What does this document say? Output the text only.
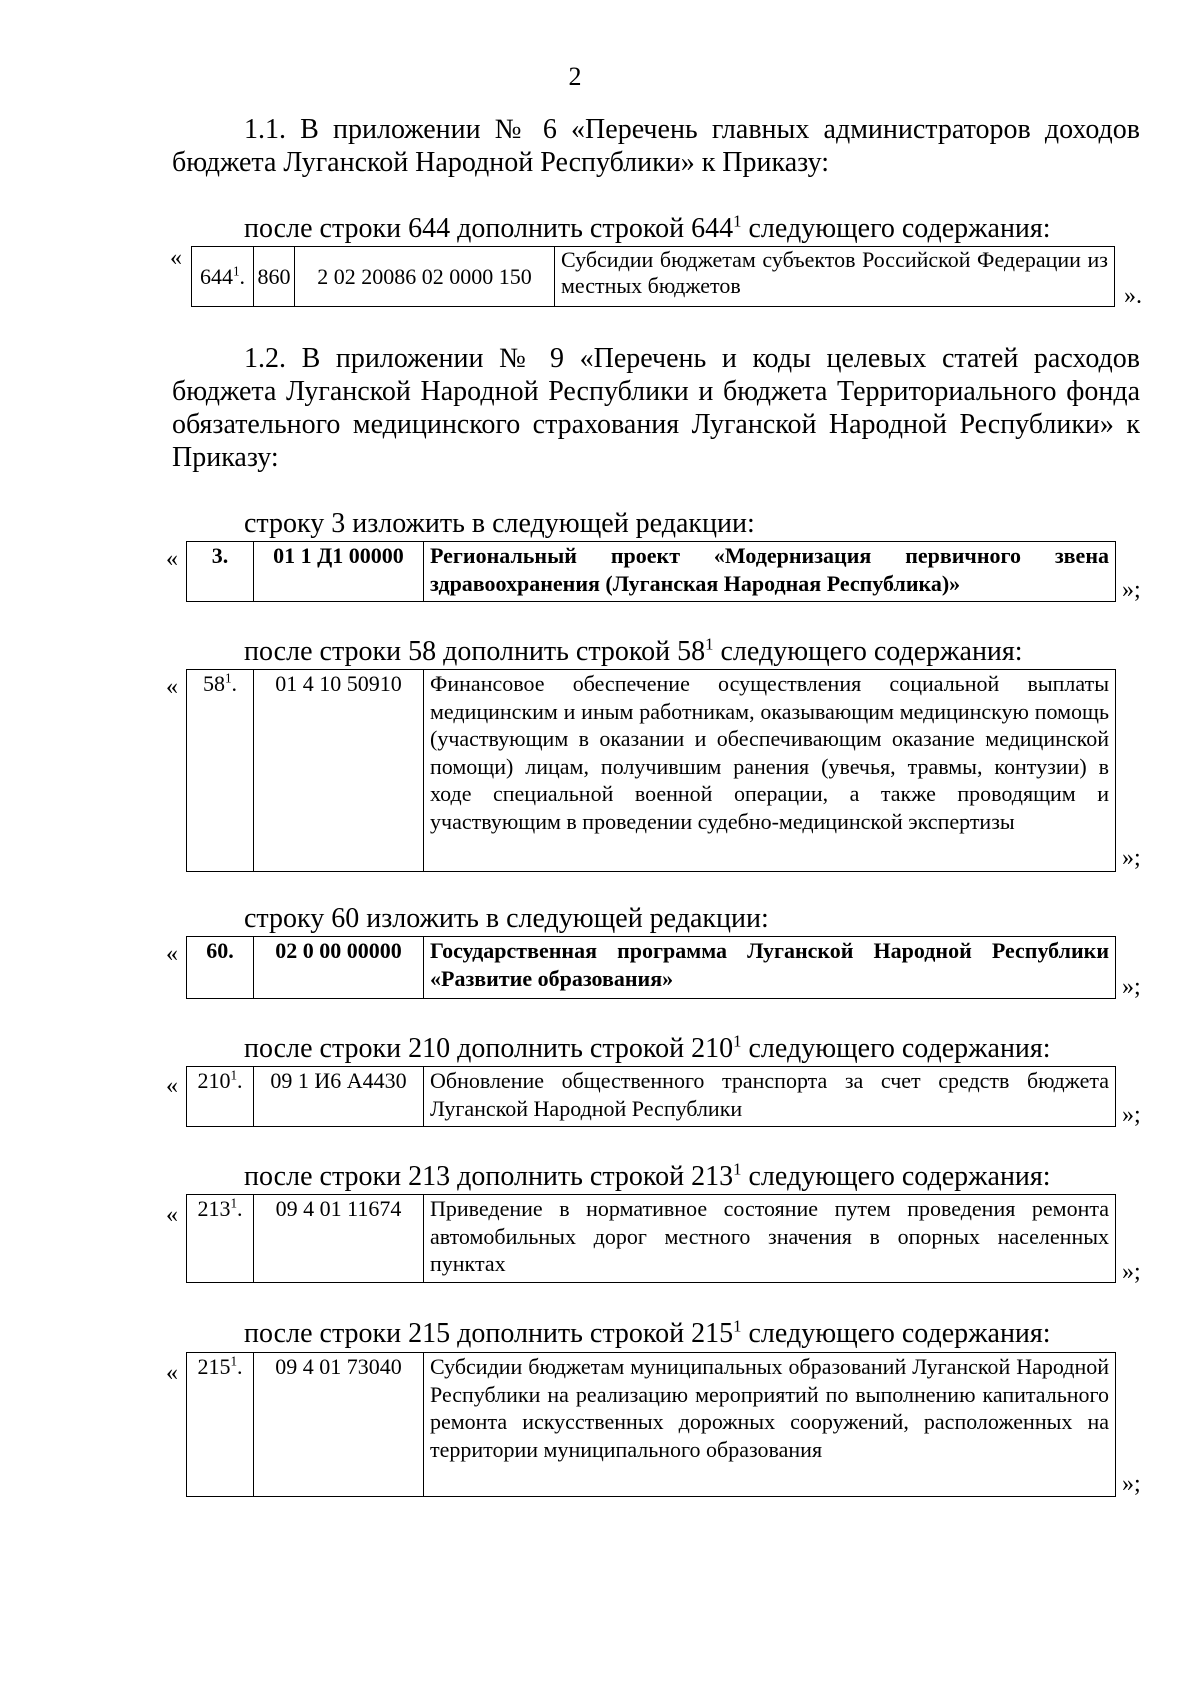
2

1.1. В приложении № 6 «Перечень главных администраторов доходов бюджета Луганской Народной Республики» к Приказу:

после строки 644 дополнить строкой $644^1$ следующего содержания:
«
$644^1$.	860	2 02 20086 02 0000 150	Субсидии бюджетам субъектов Российской Федерации из местных бюджетов	».

1.2. В приложении № 9 «Перечень и коды целевых статей расходов бюджета Луганской Народной Республики и бюджета Территориального фонда обязательного медицинского страхования Луганской Народной Республики» к Приказу:

строку 3 изложить в следующей редакции:
« 3.	01 1 Д1 00000	Региональный проект «Модернизация первичного звена здравоохранения (Луганская Народная Республика)»	»;
после строки 58 дополнить строкой $58^1$ следующего содержания:
« $58^1$.	01 4 10 50910	Финансовое обеспечение осуществления социальной выплаты медицинским и иным работникам, оказывающим медицинскую помощь (участвующим в оказании и обеспечивающим оказание медицинской помощи) лицам, получившим ранения (увечья, травмы, контузии) в ходе специальной военной операции, а также проводящим и участвующим в проведении судебно-медицинской экспертизы
»;
строку 60 изложить в следующей редакции:
« 60.	02 0 00 00000	Государственная программа Луганской Народной Республики «Развитие образования»	»;
после строки 210 дополнить строкой $210^1$ следующего содержания:
« $210^1$.	09 1 И6 А4430	Обновление общественного транспорта за счет средств бюджета Луганской Народной Республики	»;
после строки 213 дополнить строкой $213^1$ следующего содержания:
« $213^1$.	09 4 01 11674	Приведение в нормативное состояние путем проведения ремонта автомобильных дорог местного значения в опорных населенных пунктах	»;
после строки 215 дополнить строкой $215^1$ следующего содержания:
« $215^1$.	09 4 01 73040	Субсидии бюджетам муниципальных образований Луганской Народной Республики на реализацию мероприятий по выполнению капитального ремонта искусственных дорожных сооружений, расположенных на территории муниципального образования
»;
